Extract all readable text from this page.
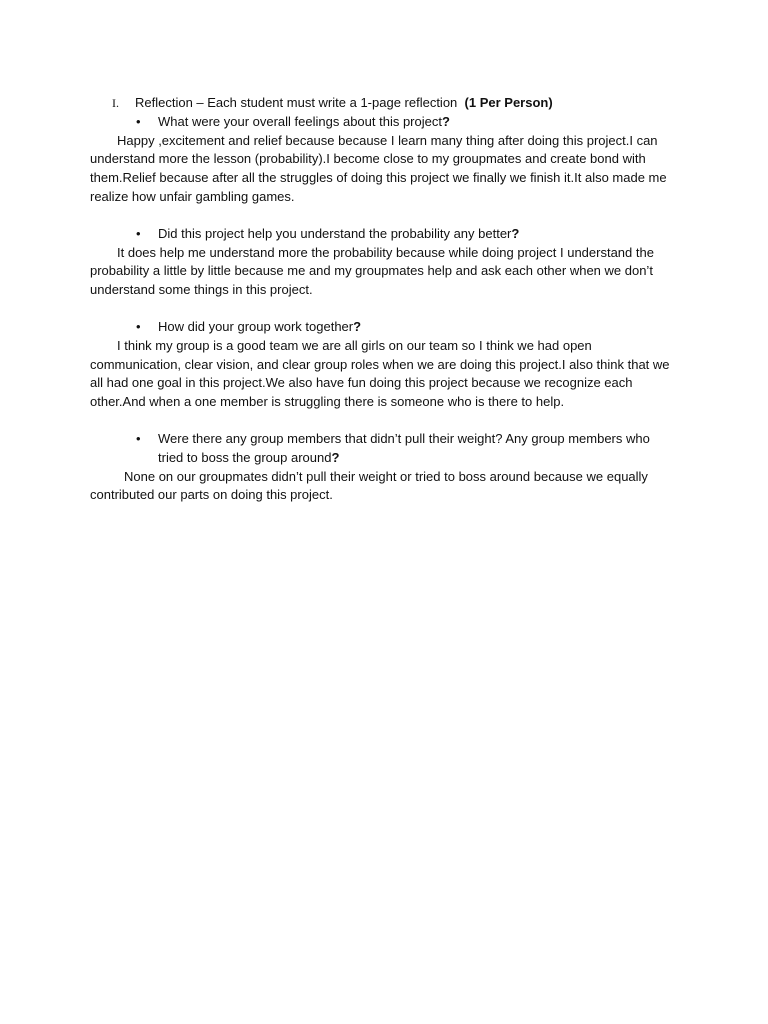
I. Reflection – Each student must write a 1-page reflection (1 Per Person)
• What were your overall feelings about this project?

Happy ,excitement and relief because because I learn many thing after doing this project.I can understand more the lesson (probability).I become close to my groupmates and create bond with them.Relief because after all the struggles of doing this project we finally we finish it.It also made me realize how unfair gambling games.

• Did this project help you understand the probability any better?

It does help me understand more the probability because while doing project I understand the probability a little by little because me and my groupmates help and ask each other when we don’t understand some things in this project.

• How did your group work together?

I think my group is a good team we are all girls on our team so I think we had open communication, clear vision, and clear group roles when we are doing this project.I also think that we all had one goal in this project.We also have fun doing this project because we recognize each other.And when a one member is struggling there is someone who is there to help.

• Were there any group members that didn’t pull their weight? Any group members who tried to boss the group around?

None on our groupmates didn’t pull their weight or tried to boss around because we equally contributed our parts on doing this project.
